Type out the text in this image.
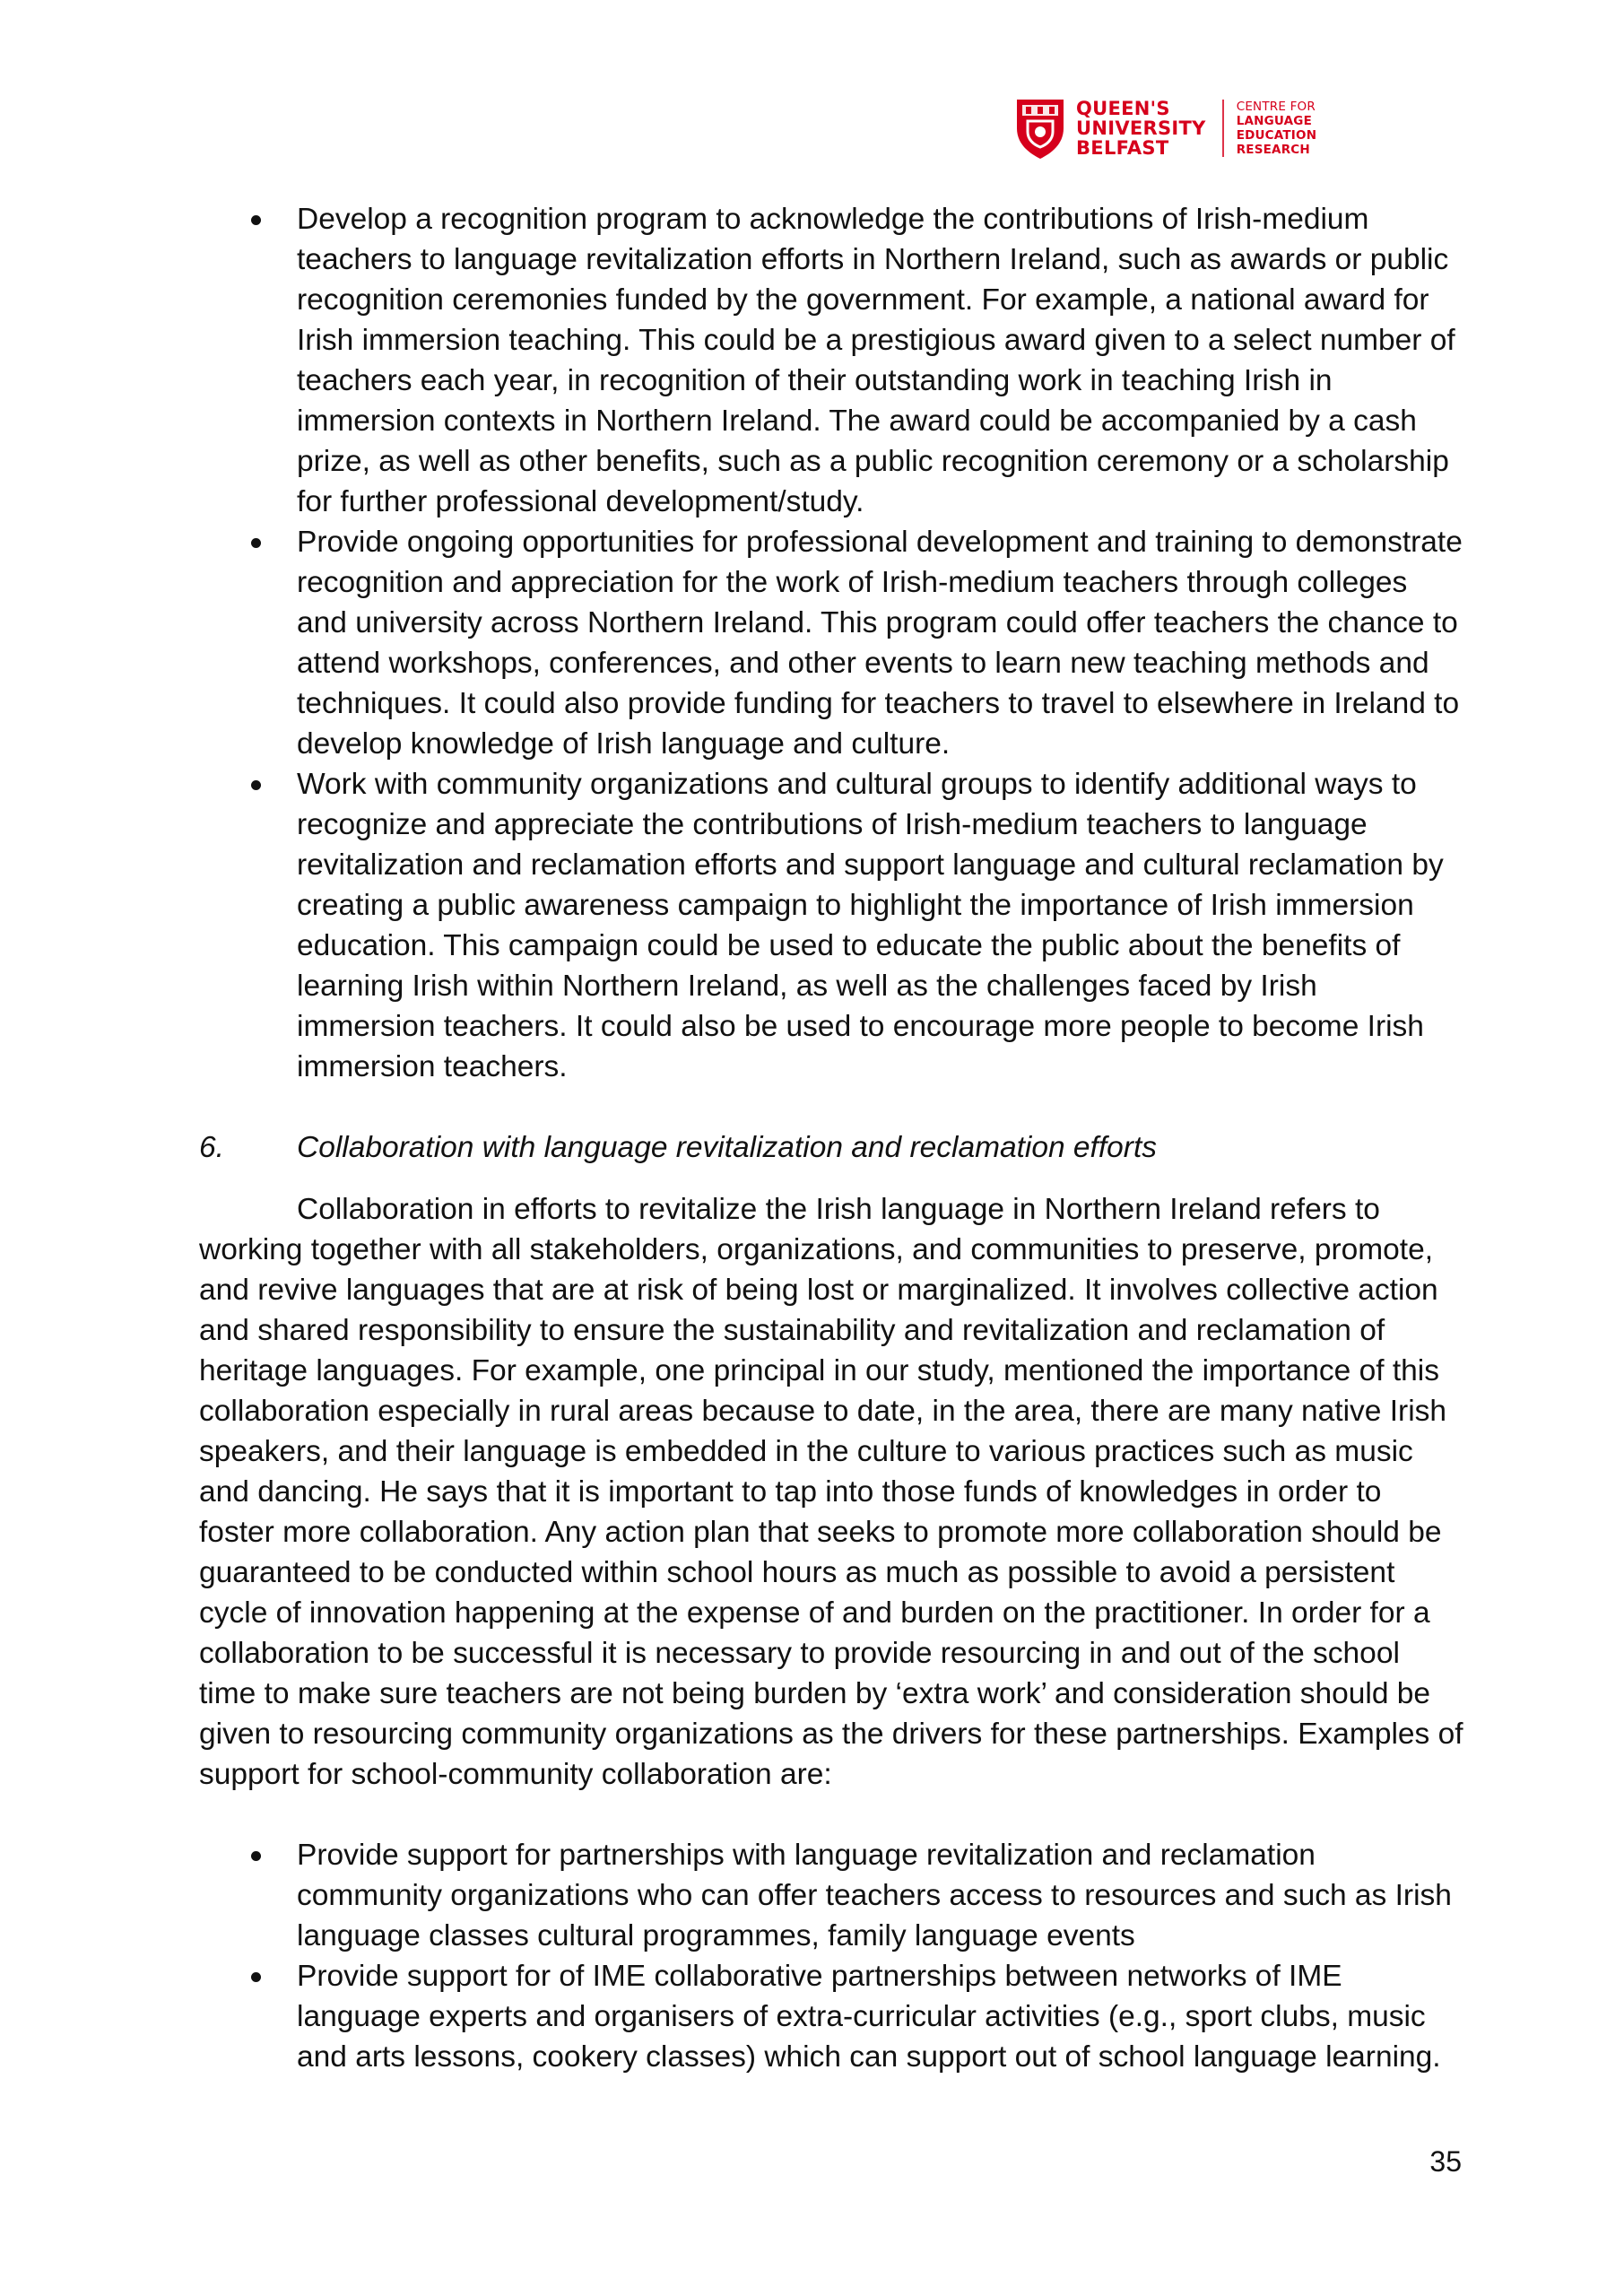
QUEEN'S
UNIVERSITY
BELFAST
CENTRE FOR
LANGUAGE
EDUCATION
RESEARCH
Develop a recognition program to acknowledge the contributions of Irish-medium teachers to language revitalization efforts in Northern Ireland, such as awards or public recognition ceremonies funded by the government. For example, a national award for Irish immersion teaching. This could be a prestigious award given to a select number of teachers each year, in recognition of their outstanding work in teaching Irish in immersion contexts in Northern Ireland. The award could be accompanied by a cash prize, as well as other benefits, such as a public recognition ceremony or a scholarship for further professional development/study.
Provide ongoing opportunities for professional development and training to demonstrate recognition and appreciation for the work of Irish-medium teachers through colleges and university across Northern Ireland. This program could offer teachers the chance to attend workshops, conferences, and other events to learn new teaching methods and techniques. It could also provide funding for teachers to travel to elsewhere in Ireland to develop knowledge of Irish language and culture.
Work with community organizations and cultural groups to identify additional ways to recognize and appreciate the contributions of Irish-medium teachers to language revitalization and reclamation efforts and support language and cultural reclamation by creating a public awareness campaign to highlight the importance of Irish immersion education. This campaign could be used to educate the public about the benefits of learning Irish within Northern Ireland, as well as the challenges faced by Irish immersion teachers. It could also be used to encourage more people to become Irish immersion teachers.
6.	Collaboration with language revitalization and reclamation efforts

Collaboration in efforts to revitalize the Irish language in Northern Ireland refers to working together with all stakeholders, organizations, and communities to preserve, promote, and revive languages that are at risk of being lost or marginalized. It involves collective action and shared responsibility to ensure the sustainability and revitalization and reclamation of heritage languages. For example, one principal in our study, mentioned the importance of this collaboration especially in rural areas because to date, in the area, there are many native Irish speakers, and their language is embedded in the culture to various practices such as music and dancing. He says that it is important to tap into those funds of knowledges in order to foster more collaboration. Any action plan that seeks to promote more collaboration should be guaranteed to be conducted within school hours as much as possible to avoid a persistent cycle of innovation happening at the expense of and burden on the practitioner. In order for a collaboration to be successful it is necessary to provide resourcing in and out of the school time to make sure teachers are not being burden by ‘extra work’ and consideration should be given to resourcing community organizations as the drivers for these partnerships. Examples of support for school-community collaboration are:

Provide support for partnerships with language revitalization and reclamation community organizations who can offer teachers access to resources and such as Irish language classes cultural programmes, family language events
Provide support for of IME collaborative partnerships between networks of IME language experts and organisers of extra-curricular activities (e.g., sport clubs, music and arts lessons, cookery classes) which can support out of school language learning.
35
